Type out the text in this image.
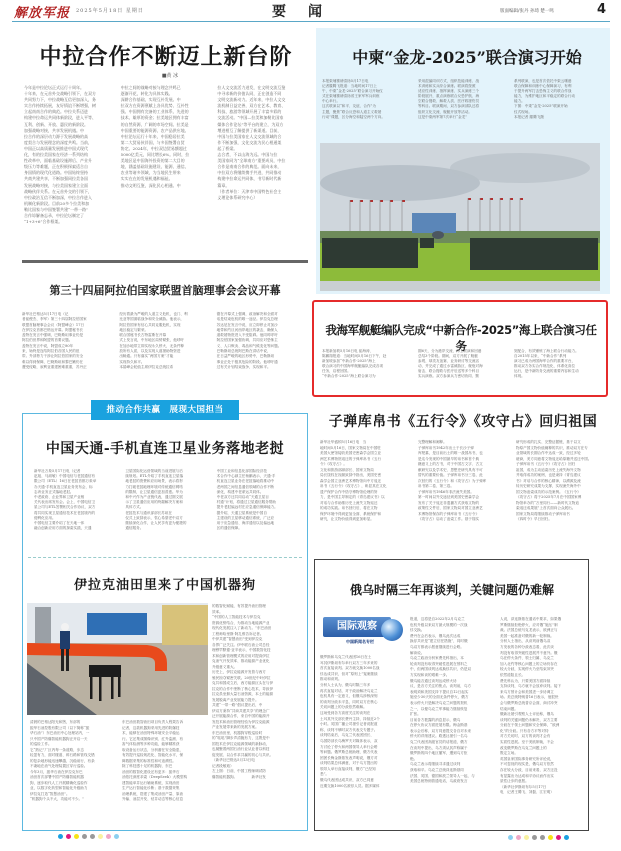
解放军报 2025年5月18日 星期日	要闻	版面编辑/张丹 孙琦 楚一鸣	4
中拉合作不断迈上新台阶
■黄 冰
今年是中拉论坛正式运行十周年。
十年来，在元首外交战略引领下，在双方
共同努力下，中拉战略互信更加深入，务
实合作持续拓展，友好情谊不断增强，树
立起南南合作的典范。中拉关系迈进
构建中拉命运共同体新阶段，进入平等、
互利、创新、开放、惠民的新阶段。
加强战略对接，共享发展机遇。中
拉合作的深层动力源于发展战略的高
度契合与发展理念的深度共鸣。当前，
中国正以高质量发展推进中国式现代
化，有的拉美国家在经济一系列结构
性改革中，面临基础设施滞后、产业升
级压力等难题，正在积极探索适合自
身国情的现代化道路。中国始终坚持
共商共建共享，不断加强同拉美各国
发展战略对接，与拉美国家建立全面
战略伙伴关系。在元首外交的引领下，
中拉政治互信不断加深，中拉合作进入
机制化新阶段。目前20多个拉美和加
勒比国家与中国签署共建“一带一路”
合作谅解备忘录，中拉论坛制定了
“1+3+6”合作框架。
中拉之间的战略对接与理念共鸣已
逐渐开花，转化为具体实践。
深耕合作基础，实现互补发展。中
拉双方在资源禀赋上各具优势、互补性
强。中国拥有完备的工业体系、先进的
技术、雄厚的资金；拉美地区拥有丰富
的自然资源、广阔的市场空间。拉美是
中国重要的能源资源、农产品供应地。
中拉论坛运行十年来，中国稳居拉美
第二大贸易伙伴国，与多国签署自贸
协定。2024年，中拉双边贸易额超过
5000亿美元，同比增长6%。同时，拉
美地区是中国海外投资的第二大目的
地，涵盖基础设施建设、能源、通信、
农业等诸多领域，为当地民生带来
实实在在的发展机遇和福祉。
推动文明互鉴，深化民心相通。中
拉人文交流活力迸发，在文明交流互鉴
中寻求新的价值认同，正在创造不同
文明交流新动力。近年来，中拉人文交
流机制日益完善，双方在艺术、教育、
科技、旅游等领域开展了丰富多彩的
交流活动。“中国—拉美和加勒比国家
媒体合作论坛”等平台的建立，为双方
增进相互了解提供了新渠道。目前，
中国与拉美国家在人文交流领域的合
作不断加强，文化交流为民心相通架
起了桥梁。
志合者，不以山海为远。中国与拉
美国家同为“全球南方”重要成员，中拉
合作是南南合作的典范。面向未来，
中拉双方将继续携手共进，共同推动
构建中拉命运共同体，书写新时代新
篇章。
（作者单位：天津市中国特色社会主
义理论体系研究中心）
中柬“金龙-2025”联合演习开始
本报柬埔寨磅清扬5月17日电
记者滕腾飞报道：当地时间17日上
午，中柬“金龙-2025”联合演习开始仪
式在柬埔寨磅清扬省王家军军兵训练
中心举行。
这次联演以“和平、友谊、合作”为
主题，聚焦“联合反恐和人道主义救援
行动”课题，区分海空和陆空两个方向。
采用混编同训方式，组织技能训练、战
术训练和实兵综合演练。联演将按照
适应性训练、指挥演练、实兵演练三个
阶段展开，重点演练联合反恐护航、海
空联合搜救、解救人质、医疗救援伤员
等科目。联演期间，双方参演部队还将
组织文化交流、舰艇开放等活动。
这是中柬两军第7次举行“金龙”
系列联演，也是首次依托中柬云壤港
联合保障和训练中心保障演习，有利
于提升两军打击恐怖主义的联合作战
能力，为维护地区和平稳定的联合行动
能力。
下图：中柬“金龙-2025”联演开始
仪式现场。
本报记者 滕腾飞摄
我海军舰艇编队完成“中新合作-2025”海上联合演习任务
本报新加坡5月16日电 崔海涛、
陈鹏翔报道：当地时间5月16日下午，赴
新加坡参加“中新合作-2025”海上
联合演习的中国海军舰艇编队完成各项
任务，启程回国。
“中新合作-2025”海上联合演习为
期6天，分为港岸交流、海上联演和回港
总结3个阶段。期间，双方开展了舰艇
参观、球类友谊赛、业务研讨等交流活
动，并完成了通过水雷威胁区、舰炮对海
射击、联合搜救与医疗后送等多个科目
实兵演练。双方参演兵力密切协同、默
契配合，有效锤炼了海上联合行动能力。
自2015年以来，“中新合作”系列
演习已成为两国海军合作的重要平台，
推动双方务实合作规范化、体系化高位
运行，是中新防务交流的重要内容和生动
体现。
第三十四届阿拉伯国家联盟首脑理事会会议开幕
新华社巴格达5月17日电（记
者崔俊杰、李军）第三十四届阿拉伯国家
联盟首脑理事会会议（阿盟峰会）17日
在伊拉克首都巴格达开幕。阿盟秘书长
盖特在发言中强调，巴勒斯坦事业仍是
阿拉伯世界和阿盟的首要议题。
盖特在发言中说，阿盟成立80年
来，始终是连结阿拉伯各国人民的纽
带。外部势力干涉让阿拉伯国家的安全
难以得到保障，巴勒斯坦和黎巴嫩仍在
遭受侵略，叙利亚重建困难重重，苏丹正
经历着最为严峻的人道主义危机，也门、利
比亚等国面临战争和安全威胁。他表示，
阿拉伯国家有信心共同克服危机，实现
地区稳定与繁荣。
联合国秘书长古特雷斯在开幕
式上发言说，中东地区局势紧张，他呼吁
在加沙地带立即实现永久停火，无条件释
放所有人质，以及实现人道援助物资进
出畅通。只有落实“两国方案”才能
实现持久和平。
本届峰会轮值主席伊拉克总统拉希
德在开幕式上强调，政治解决和全面对
话是结束危机的唯一途径。伊拉克总理
苏达尼在发言中说，应立即停止对加沙
地带和约旦河西岸地区的袭击，确保人
道救援物资进入不受阻碍。他同时呼吁
阿拉伯国家加强协调，共同应对恐怖主
义、人口贩卖、毒品和气候变化等问题。
巴勒斯坦总统阿巴斯在讲话中说，
在日益严峻的地区形势中，巴勒斯坦
事业正处于极其危险的阶段。他呼吁通
过有关计划结束战争，实现和平。
推动合作共赢　展现大国担当
中国天通-手机直连卫星业务落地老挝
新华社万象5月17日电（记者
赵旭、马淑敏）中国电信与老挝通信有
限公司（ETL）16日在老挝首都万象举
办天通-手机直连卫星业务发布会，标
志该业务正式落地老挝。
中老政府、企业界和卫星产业相
关代表出席发布会。会上，中国电信卫
星公司与ETL签署相关合作协议，双方
将共同实现卫星通信技术在老挝境内的
便利化应用。
中国电信主要介绍了在天地一体
融合创新应用方面的探索实践，天通
卫星国际化运营领域的当前进展与后
续规划。ETL介绍了手机直连卫星落
地老挝的资费和应用场景，表示将努
力打破老挝地理环境对传统通信网络
的限制，让卫星通信更加普惠。华为
和中兴作为产业链代表，通过图文展
示了卫星通信应用的终端解决方案和
具体方式。
老挝技术与通讯部部长苏坦在
仪式上致辞表示，衷心希望老中双方
继续深化合作，让人民享有更为便捷的
通信服务。
中国工业和信息化部国际经济技
术合作中心副主任杨鹏表示，天通-手
机直连卫星业务在老挝落地将推动中
老两国之间信息通信领域的合作不断
深化，构建中老命运共同体。
中老双方还共同启动“天通卫星百
村通”计划，将通过卫星通信服务帮助
提升老挝偏远村庄应急通信保障能力。
据介绍，天通卫星系统是中国自
主建设的卫星移动通信系统，广泛应
用于应急通信、海洋通信以及偏远地
区的通信保障。
伊拉克油田里来了中国机器狗
的数智化赋能，有效提升油田管理
效率。
“中国的人工智能技术与伊拉克
资源优势结合，为推动当地能源产业
现代化发展注入了新动力。”东巴油田
工程师哈里斯·阿扎维告诉记者。
中伊共建“智慧油田”受到伊拉克
各界广泛关注。伊中联石油公司总经
理穆罕默德·亚辛表示，中国数智化技
术和创新管理模式的应用对提高伊拉
克油气开发效率、推动能源产业优化
升级意义重大。
历史上，伊拉克能源开发曾与西方
殖民掠夺紧密关联。20世纪中叶伊拉
克共和国成立后，西方能源巨头在与伊
拉克的合作中垄断了核心技术，导致伊
拉克虽坐拥大量石油资源，本土的能源
发展脱离产业发展能力提升。
共建“一带一路”倡议提出后，中
伊双方秉持“共商共建共享”的理念广
泛开展能源合作，来自中国的能源开
发技术和油田管理经验为伊拉克能源
产业发展带来新的发展方案。
东巴油田里，机器狗穿梭巡检时
的“哒哒”脚步声清脆有力，这既是中
国技术在伊拉克能源领域的新脉动，
也凝聚着两国石油行业从业者以科技
促发展、以合作求共赢的初心与共识。
（新华社巴格达5月13日电
记者段敏迪）
左上图：日前，中国工程师调试防
爆智能机器狗。　　　　新华社发
清晨的巴格达阳光和煦，东部的
振华石油控股有限公司（以下简称“振
华石油”）东巴油田中心处理站内，一
只中国产防爆智能机器狗正开启一天
的巡检工作。
它“熟记”厂区内每一条道路，步态
轻盈有力，面对楼道、碎石路和管线交错
的复杂地形能迅速攀越，沉稳前行，有条
不紊地在油气处理装置区穿行巡检。
今年3月，振华石油在伊拉克东巴
油田首次部署中国产防爆智能机器
狗，逐步取代人工开展精确化巡检作
业，以数字化转型和智能化升级助力
伊拉克打造“智慧油田”。
“机器狗个头不大，功能可不少。”
东巴油田数智油田项目负责人程果告诉
记者，这款机器狗采用先进的防爆技
术，能够在油田特殊环境安全平稳运
行。它还集成图像识别、红外监测、有
害气体检测等多种功能，能够精准获
取设备运行状态，分析潜在安全隐患，
有效提升巡检规范化、智能化水平，保
障数据采集的标准性和可追溯性。
除了科技感十足的机器狗，东巴
油田的数智化建设还有更多：振华石
油依托深度求索（DeepSeek）大模型构
建智能单井运行辅助系统，实现油田
生产运行智能化诊断；基于数据采集
治理系统，搭建了集成油田产量、原油
外输、油层开发、钻井动态等核心信息
子弹库帛书《五行令》《攻守占》回归祖国
新华社华盛顿5月16日电　当
地时间5月16日，国家文物局在中国驻
美国大使馆接收美国史密森学会国立亚
洲艺术博物馆返还的子弹库帛书《五行
令》《攻守占》。
文化和旅游部副部长、国家文物局
局长饶权在视频致辞中指出，美国史密
森学会国立亚洲艺术博物馆向中方返还
帛书《五行令》《攻守占》，彰显其在文化
遗产保护合作中恪守博物馆伦理的努
力，是中国主导制定的《青岛建议书》以
对话与合作助推历史上流失文物返还
的成功实践。帛书回归后，将在文物
保护环境中得到更加全面、系统保护和
研究，让文物价值得到更加彰显。
完整理解和阐释。
子弹库帛书1942年出土于长沙子弹
库楚墓，是目前出土的唯一战国帛书，也
是迄今发现的中国最早的帛书和首个典
籍意义上的古书，对于中国古文字、古文
献研究以及学术史、思想史研究具有不可
替代的重要价值。子弹库帛书分三卷，此
次回归的《五行令》和《攻守占》为子弹库
帛书第二卷、第三卷。
子弹库帛书1946年非法流失美国。
第一时间以外交途径到美国史密森学会
发布了关于返还非遗播方式获取文物的
政策性文件后，国家文物局对国立亚洲艺
术博物馆保存的子弹库帛书《五行令》
《攻守占》启动了追索工作。基于翔实
研究形成的扎实、完整证据链，基于以文
物原产国文物价值阐释的共识，推动双方在专
业领域的长期合作中达成一致，经过多轮
磋商，美方同意将文物返还给原籍并送还中国。
子弹库帛书《五行令》《攻守占》回归
祖国，成为主动追索历史上流失海外文物
并取得成功的案例，也是秉持《青岛建议
书》对话与合作的核心精神，以溯源及流
转历史研究成果为支撑，实现流失海外中
国文物追索成功的示范案例。《五行令》
《攻守占》将于2025年7月在中国国家博
物馆举办的“万里同行——新时代文物追
索返还成果展”上首次面向公众展出。
国家文物局将继续推动子弹库帛书
《四时令》早日回归。
俄乌时隔三年再谈判，关键问题仍难解
国际观察
中国新闻名专栏
俄罗斯和乌克兰代表团16日在土
耳其伊斯坦布尔举行双方三年多来的
首次直接谈判。双方就交换1000名战
俘达成共识，但对“原则上”冤案继续
推动和谈判。
分析人士认为，俄乌时隔三年多
再次直接对话，对于政治解决乌克兰
危机具有一定意义，但俄乌涉核深刻
的谈判分歧未平息，同时双方在核心
关切问题上的分歧依然难解。
这场受到各方高度关注的谈判在
土耳其外交部长费丹主持，持续近2个
小时。英国广播公司援引记者说报道
称，谈判不够时双方代表交专题子。
谈判结束后，乌克兰代表团团长、
乌国防部长乌梅罗夫对媒体表示，双
方讨论了停火和两国领导人举行会晤
等问题。俄罗斯总统助理、俄方代表
团团长梅金斯基发表声明说，俄方对
谈判结果总体满意，对于乌方提出的
领导人举行直接谈判，俄方“已经知
悉”。
俄乌代表团达成共识，双方已同意
近期交换1000名被俘人员。据多媒体
报道，这将是自2022年2月乌克兰
危机升级以来双方最大规模的一次战
俘交换。
费丹在会后表示，俄乌此次达成
换俘共识是“建立信任措施”，同时俄
乌双方都表示愿意继续进行会晤。
解读说。
乌克兰政治分析家费先科指出，本
轮谈判没有取得突破性进展在预料之
中，但两国谈判达成换俘共识，仍是双
方实现和谈的艰难一步。
俄乌能否通过谈判达成停火协
议，是各方关注的焦点。谈判前，乌方
表明须和美国支持下提议自12日起实
施至少30天的全面无条件停火，俄方
表示停火只是解决乌克兰问题的契机
之一，以便乌克兰军事能力继续恢复
扩张。
目前各方披露的消息显示，俄乌
在停火协议方面进展有限。梅金斯基
表示会后称，双方同意提交各自对未来
停火的详细建议。路透社援引一名乌
克兰代表团高级官员的话报道，俄方
在谈判中提出，乌方须从其声称属于
俄罗斯的四个地区撤军，遭到乌方拒
绝。
乌克兰表示将继续寻求通过谈判
获取和平。乌克兰总统泽连斯基同
法国、英国、德国和波兰领导人一起，与
美国总统特朗普通电话，乌政府发言
人说，泽连斯基在通话中要求，如果俄
罗斯继续拒绝停火，应对俄“施压”制
裁。法国总统马克龙表示，欧洲正与
美国一起准备对俄的新一轮制裁。
分析人士指出，从谈判前俄乌双
方发表的各种分歧表态看，此次谈
判没有取得突破性进展并不意外。俄
乌在停火条件、领土归属、乌克兰
加入北约等核心问题上的立场仍存在
较大分歧，实现停火乃至结束冲突
依然道阻且长。
费先科认为，只要美国方面持续
支持谈判，乌方就不会放弃谈判。接下
来乌方预计会和美国进一步协调立
场。美总统特朗普16日表示，他很快
会与俄罗斯总统普京会面，商讨冲突
结束问题。
俄新社援引观察人士评论称，俄乌
谈判的关键问题仍未解决，双方主要
分歧在于领土问题和安全保障，“欧洲
化”的分歧。只有各方平等对待
对方关切时，双方的谈判才会有
实质性进展。至于美欧制裁，不会
改变俄罗斯在乌克兰问题上的
既定立场。
英国皇家国际事务研究所评论说，
不可忽视的现实是，俄乌双方依然
存在较大分歧，目前来看，双方还没
有显露出为达成和平协议而作出实
质性让步的意愿。
（新华社伊斯坦布尔5月17日
电　记者王腾飞、刘磊、江宏明）
